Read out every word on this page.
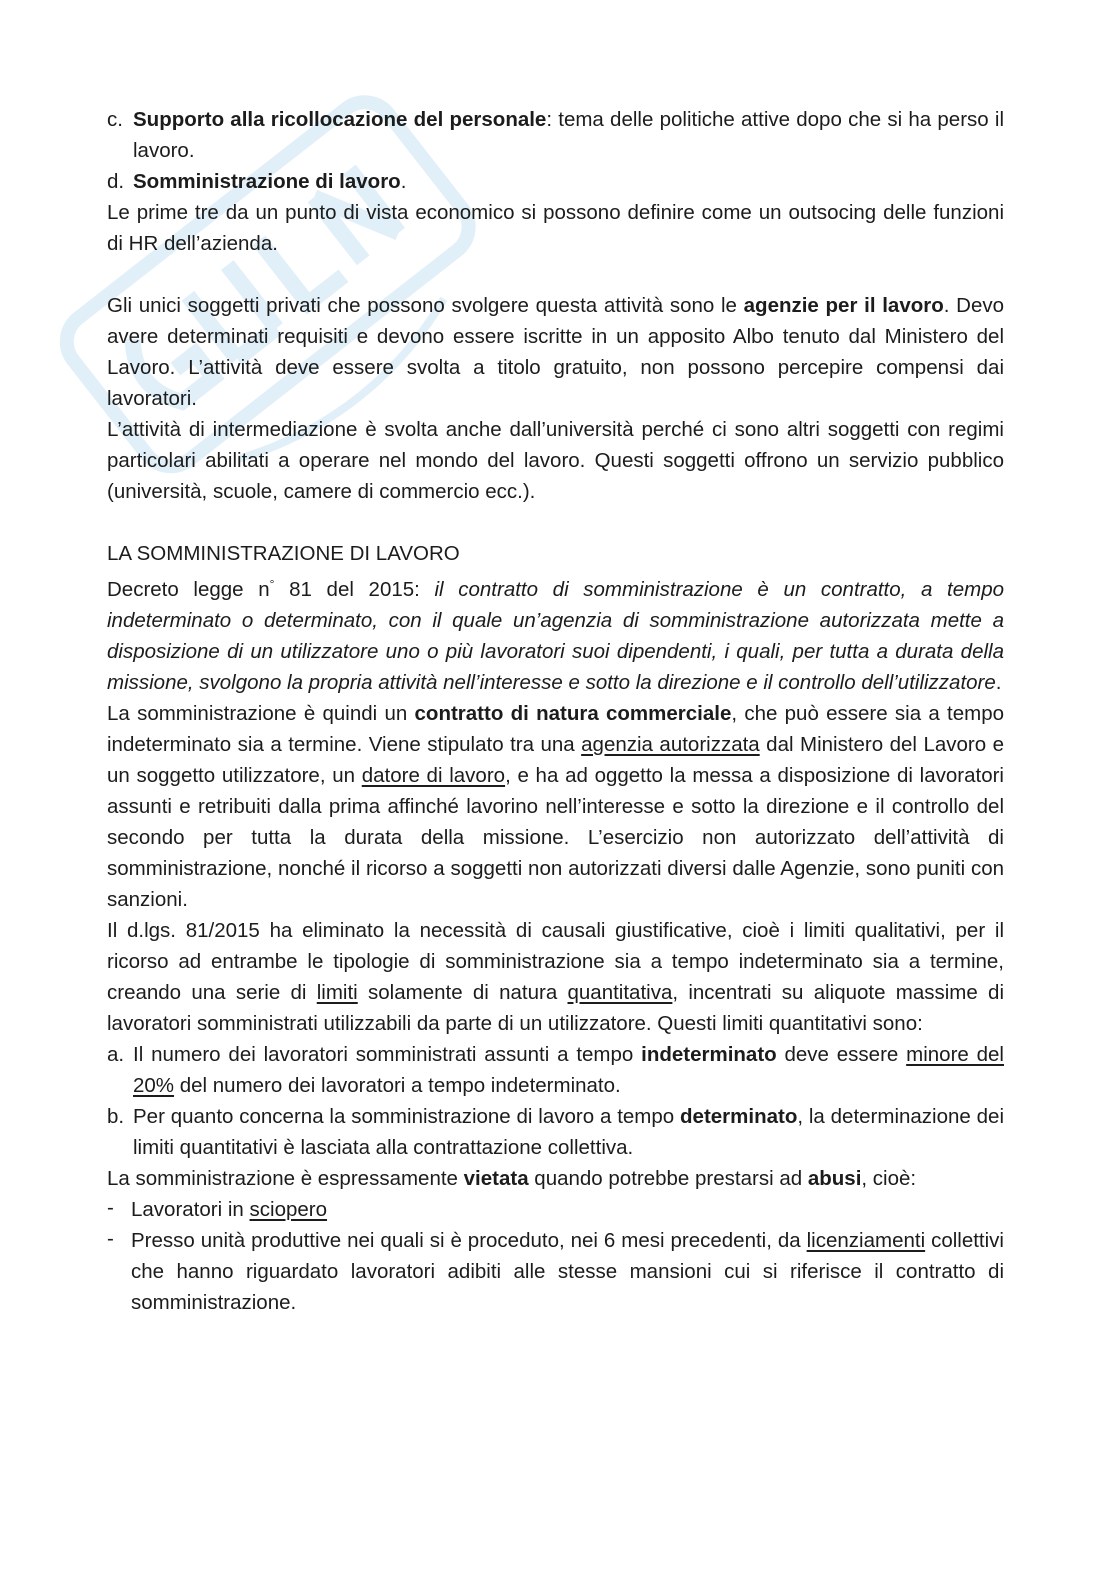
c. Supporto alla ricollocazione del personale: tema delle politiche attive dopo che si ha perso il lavoro.
d. Somministrazione di lavoro.

Le prime tre da un punto di vista economico si possono definire come un outsocing delle funzioni di HR dell’azienda.

Gli unici soggetti privati che possono svolgere questa attività sono le agenzie per il lavoro. Devo avere determinati requisiti e devono essere iscritte in un apposito Albo tenuto dal Ministero del Lavoro. L’attività deve essere svolta a titolo gratuito, non possono percepire compensi dai lavoratori.

L’attività di intermediazione è svolta anche dall’università perché ci sono altri soggetti con regimi particolari abilitati a operare nel mondo del lavoro. Questi soggetti offrono un servizio pubblico (università, scuole, camere di commercio ecc.).

LA SOMMINISTRAZIONE DI LAVORO

Decreto legge n° 81 del 2015: il contratto di somministrazione è un contratto, a tempo indeterminato o determinato, con il quale un’agenzia di somministrazione autorizzata mette a disposizione di un utilizzatore uno o più lavoratori suoi dipendenti, i quali, per tutta a durata della missione, svolgono la propria attività nell’interesse e sotto la direzione e il controllo dell’utilizzatore.

La somministrazione è quindi un contratto di natura commerciale, che può essere sia a tempo indeterminato sia a termine. Viene stipulato tra una agenzia autorizzata dal Ministero del Lavoro e un soggetto utilizzatore, un datore di lavoro, e ha ad oggetto la messa a disposizione di lavoratori assunti e retribuiti dalla prima affinché lavorino nell’interesse e sotto la direzione e il controllo del secondo per tutta la durata della missione. L’esercizio non autorizzato dell’attività di somministrazione, nonché il ricorso a soggetti non autorizzati diversi dalle Agenzie, sono puniti con sanzioni.

Il d.lgs. 81/2015 ha eliminato la necessità di causali giustificative, cioè i limiti qualitativi, per il ricorso ad entrambe le tipologie di somministrazione sia a tempo indeterminato sia a termine, creando una serie di limiti solamente di natura quantitativa, incentrati su aliquote massime di lavoratori somministrati utilizzabili da parte di un utilizzatore. Questi limiti quantitativi sono:

a. Il numero dei lavoratori somministrati assunti a tempo indeterminato deve essere minore del 20% del numero dei lavoratori a tempo indeterminato.
b. Per quanto concerna la somministrazione di lavoro a tempo determinato, la determinazione dei limiti quantitativi è lasciata alla contrattazione collettiva.

La somministrazione è espressamente vietata quando potrebbe prestarsi ad abusi, cioè:

- Lavoratori in sciopero
- Presso unità produttive nei quali si è proceduto, nei 6 mesi precedenti, da licenziamenti collettivi che hanno riguardato lavoratori adibiti alle stesse mansioni cui si riferisce il contratto di somministrazione.
